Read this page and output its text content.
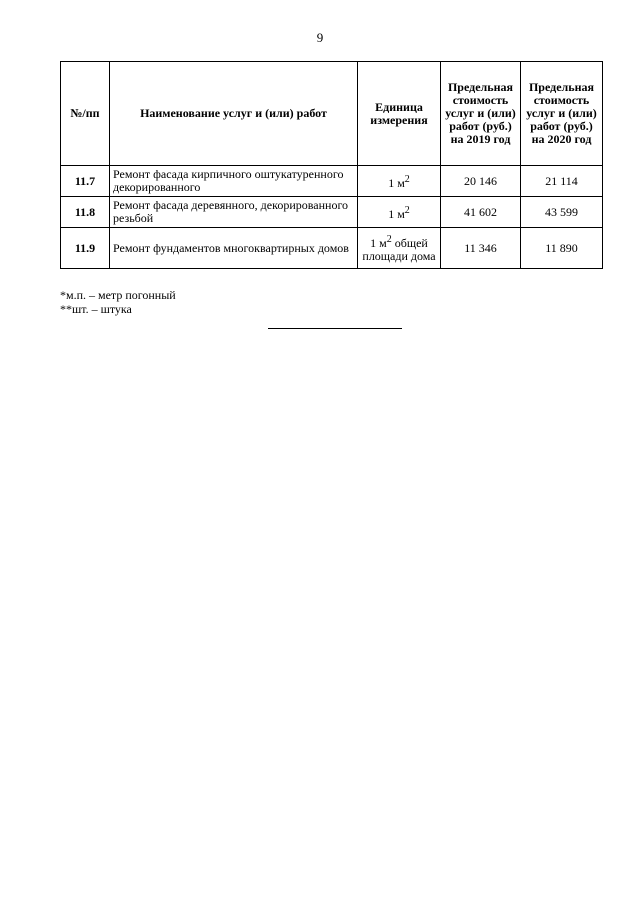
9
№/пп	Наименование услуг и (или) работ	Единица измерения	Предельная стоимость услуг и (или) работ (руб.) на 2019 год	Предельная стоимость услуг и (или) работ (руб.) на 2020 год
11.7	Ремонт фасада кирпичного оштукатуренного декорированного	1 $м^2$	20 146	21 114
11.8	Ремонт фасада деревянного, декорированного резьбой	1 $м^2$	41 602	43 599
11.9	Ремонт фундаментов многоквартирных домов	1 $м^2$ общей площади дома	11 346	11 890
*м.п. – метр погонный
**шт. – штука
